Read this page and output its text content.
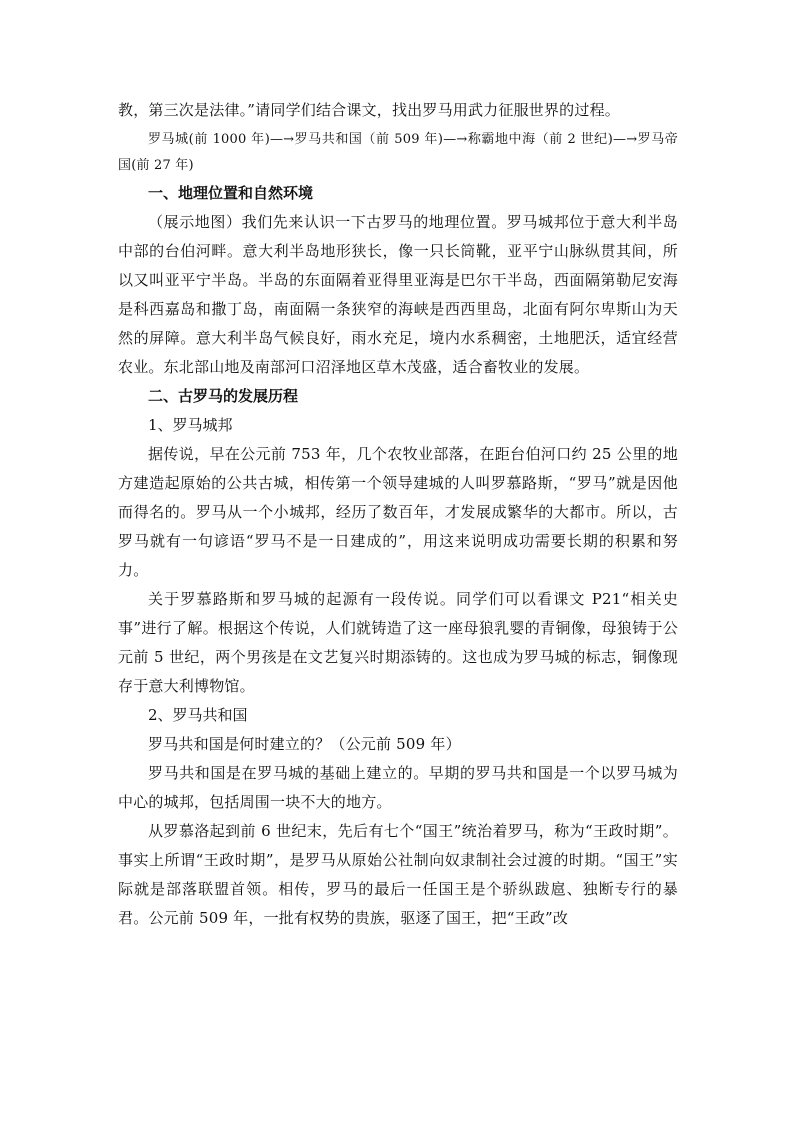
教，第三次是法律。”请同学们结合课文，找出罗马用武力征服世界的过程。

罗马城(前 1000 年)—→罗马共和国（前 509 年)—→称霸地中海（前 2 世纪)—→罗马帝国(前 27 年)

一、地理位置和自然环境

（展示地图）我们先来认识一下古罗马的地理位置。罗马城邦位于意大利半岛中部的台伯河畔。意大利半岛地形狭长，像一只长筒靴，亚平宁山脉纵贯其间，所以又叫亚平宁半岛。半岛的东面隔着亚得里亚海是巴尔干半岛，西面隔第勒尼安海是科西嘉岛和撒丁岛，南面隔一条狭窄的海峡是西西里岛，北面有阿尔卑斯山为天然的屏障。意大利半岛气候良好，雨水充足，境内水系稠密，土地肥沃，适宜经营农业。东北部山地及南部河口沼泽地区草木茂盛，适合畜牧业的发展。

二、古罗马的发展历程

1、罗马城邦

据传说，早在公元前 753 年，几个农牧业部落，在距台伯河口约 25 公里的地方建造起原始的公共古城，相传第一个领导建城的人叫罗慕路斯，“罗马”就是因他而得名的。罗马从一个小城邦，经历了数百年，才发展成繁华的大都市。所以，古罗马就有一句谚语“罗马不是一日建成的”，用这来说明成功需要长期的积累和努力。

关于罗慕路斯和罗马城的起源有一段传说。同学们可以看课文 P21“相关史事”进行了解。根据这个传说，人们就铸造了这一座母狼乳婴的青铜像，母狼铸于公元前 5 世纪，两个男孩是在文艺复兴时期添铸的。这也成为罗马城的标志，铜像现存于意大利博物馆。

2、罗马共和国

罗马共和国是何时建立的？（公元前 509 年）

罗马共和国是在罗马城的基础上建立的。早期的罗马共和国是一个以罗马城为中心的城邦，包括周围一块不大的地方。

从罗慕洛起到前 6 世纪末，先后有七个“国王”统治着罗马，称为“王政时期”。事实上所谓“王政时期”，是罗马从原始公社制向奴隶制社会过渡的时期。“国王”实际就是部落联盟首领。相传，罗马的最后一任国王是个骄纵跋扈、独断专行的暴君。公元前 509 年，一批有权势的贵族，驱逐了国王，把“王政”改
